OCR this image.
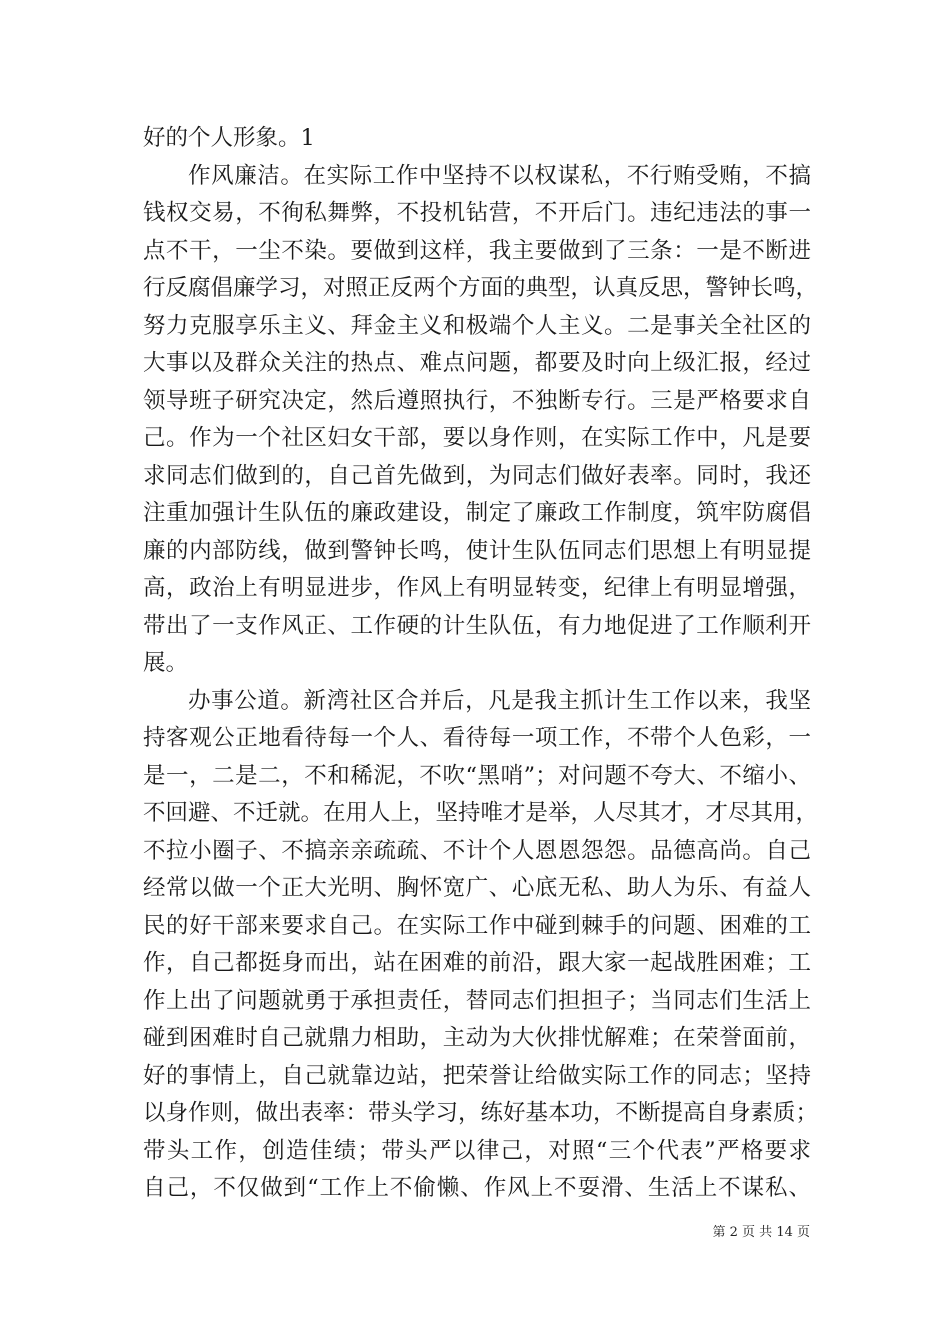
好的个人形象。1
作风廉洁。在实际工作中坚持不以权谋私，不行贿受贿，不搞
钱权交易，不徇私舞弊，不投机钻营，不开后门。违纪违法的事一
点不干，一尘不染。要做到这样，我主要做到了三条：一是不断进
行反腐倡廉学习，对照正反两个方面的典型，认真反思，警钟长鸣，
努力克服享乐主义、拜金主义和极端个人主义。二是事关全社区的
大事以及群众关注的热点、难点问题，都要及时向上级汇报，经过
领导班子研究决定，然后遵照执行，不独断专行。三是严格要求自
己。作为一个社区妇女干部，要以身作则，在实际工作中，凡是要
求同志们做到的，自己首先做到，为同志们做好表率。同时，我还
注重加强计生队伍的廉政建设，制定了廉政工作制度，筑牢防腐倡
廉的内部防线，做到警钟长鸣，使计生队伍同志们思想上有明显提
高，政治上有明显进步，作风上有明显转变，纪律上有明显增强，
带出了一支作风正、工作硬的计生队伍，有力地促进了工作顺利开
展。
办事公道。新湾社区合并后，凡是我主抓计生工作以来，我坚
持客观公正地看待每一个人、看待每一项工作，不带个人色彩，一
是一，二是二，不和稀泥，不吹“黑哨”；对问题不夸大、不缩小、
不回避、不迁就。在用人上，坚持唯才是举，人尽其才，才尽其用，
不拉小圈子、不搞亲亲疏疏、不计个人恩恩怨怨。品德高尚。自己
经常以做一个正大光明、胸怀宽广、心底无私、助人为乐、有益人
民的好干部来要求自己。在实际工作中碰到棘手的问题、困难的工
作，自己都挺身而出，站在困难的前沿，跟大家一起战胜困难；工
作上出了问题就勇于承担责任，替同志们担担子；当同志们生活上
碰到困难时自己就鼎力相助，主动为大伙排忧解难；在荣誉面前，
好的事情上，自己就靠边站，把荣誉让给做实际工作的同志；坚持
以身作则，做出表率：带头学习，练好基本功，不断提高自身素质；
带头工作，创造佳绩；带头严以律己，对照“三个代表”严格要求
自己，不仅做到“工作上不偷懒、作风上不耍滑、生活上不谋私、
第 2 页 共 14 页
